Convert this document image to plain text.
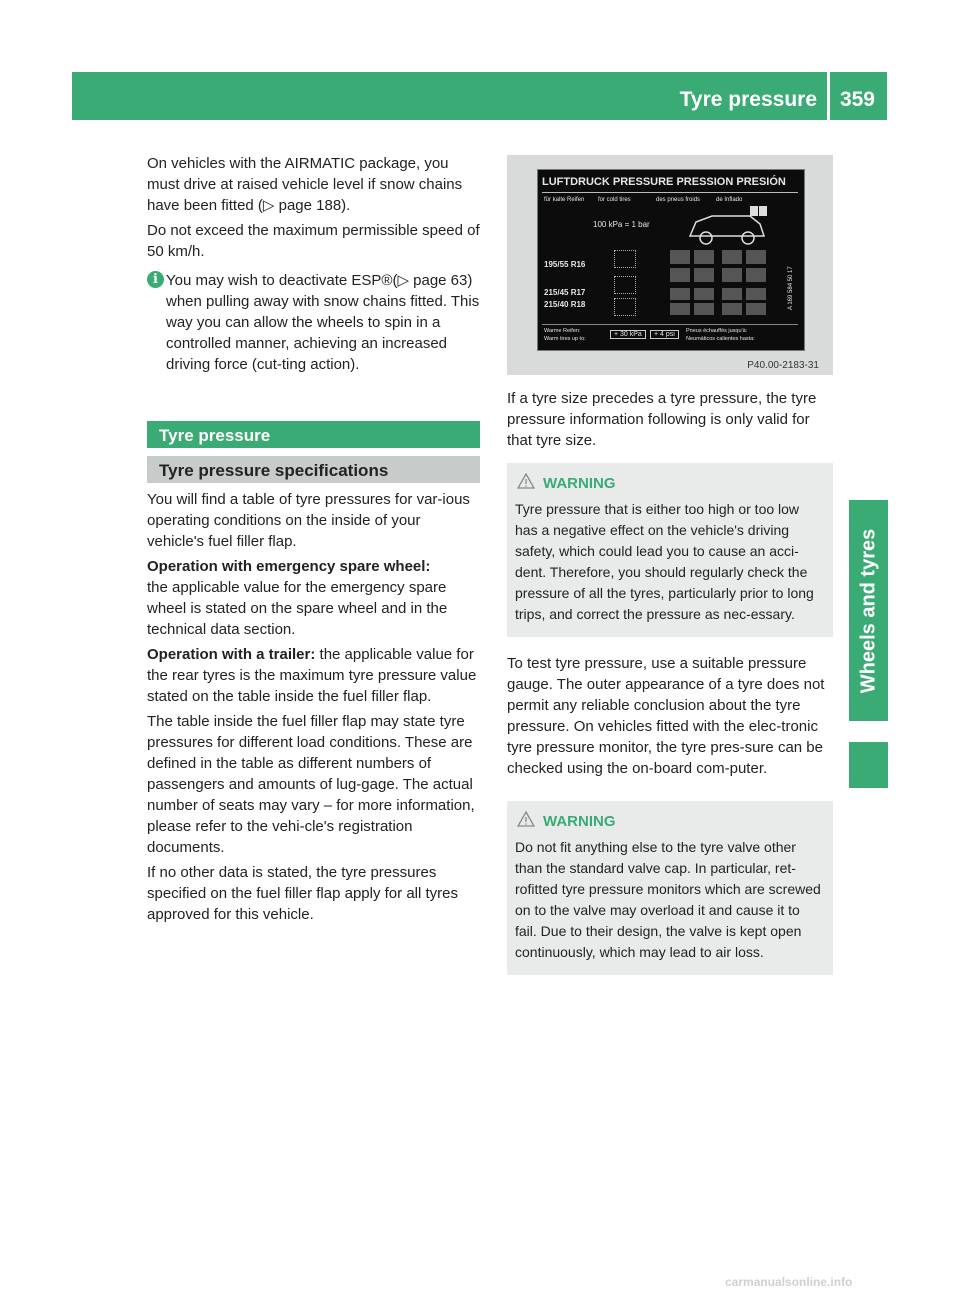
Tyre pressure 359
Wheels and tyres

On vehicles with the AIRMATIC package, you must drive at raised vehicle level if snow chains have been fitted (▷ page 188).

Do not exceed the maximum permissible speed of 50 km/h.

i You may wish to deactivate ESP®(▷ page 63) when pulling away with snow chains fitted. This way you can allow the wheels to spin in a controlled manner, achieving an increased driving force (cut-ting action).
Tyre pressure
Tyre pressure specifications

You will find a table of tyre pressures for var-ious operating conditions on the inside of your vehicle's fuel filler flap.

Operation with emergency spare wheel:
the applicable value for the emergency spare wheel is stated on the spare wheel and in the technical data section.

Operation with a trailer: the applicable value for the rear tyres is the maximum tyre pressure value stated on the table inside the fuel filler flap.

The table inside the fuel filler flap may state tyre pressures for different load conditions. These are defined in the table as different numbers of passengers and amounts of lug-gage. The actual number of seats may vary – for more information, please refer to the vehi-cle's registration documents.

If no other data is stated, the tyre pressures specified on the fuel filler flap apply for all tyres approved for this vehicle.

LUFTDRUCK PRESSURE PRESSION PRESIÓN
für kalte Reifen for cold tires	des pneus froids	de Inflado
100 kPa = 1 bar
195/55 R16
215/45 R17
215/40 R18	A 169 584 50 17
Warme Reifen:
Warm tires up to:
+ 30 kPa	+ 4 psi	Pneus échauffés jusqu'à:
Neumáticos calientes hasta:
P40.00-2183-31

If a tyre size precedes a tyre pressure, the tyre pressure information following is only valid for that tyre size.

WARNING
Tyre pressure that is either too high or too low has a negative effect on the vehicle's driving safety, which could lead you to cause an acci-dent. Therefore, you should regularly check the pressure of all the tyres, particularly prior to long trips, and correct the pressure as nec-essary.

To test tyre pressure, use a suitable pressure gauge. The outer appearance of a tyre does not permit any reliable conclusion about the tyre pressure. On vehicles fitted with the elec-tronic tyre pressure monitor, the tyre pres-sure can be checked using the on-board com-puter.

WARNING
Do not fit anything else to the tyre valve other than the standard valve cap. In particular, ret-rofitted tyre pressure monitors which are screwed on to the valve may overload it and cause it to fail. Due to their design, the valve is kept open continuously, which may lead to air loss.
carmanualsonline.info
